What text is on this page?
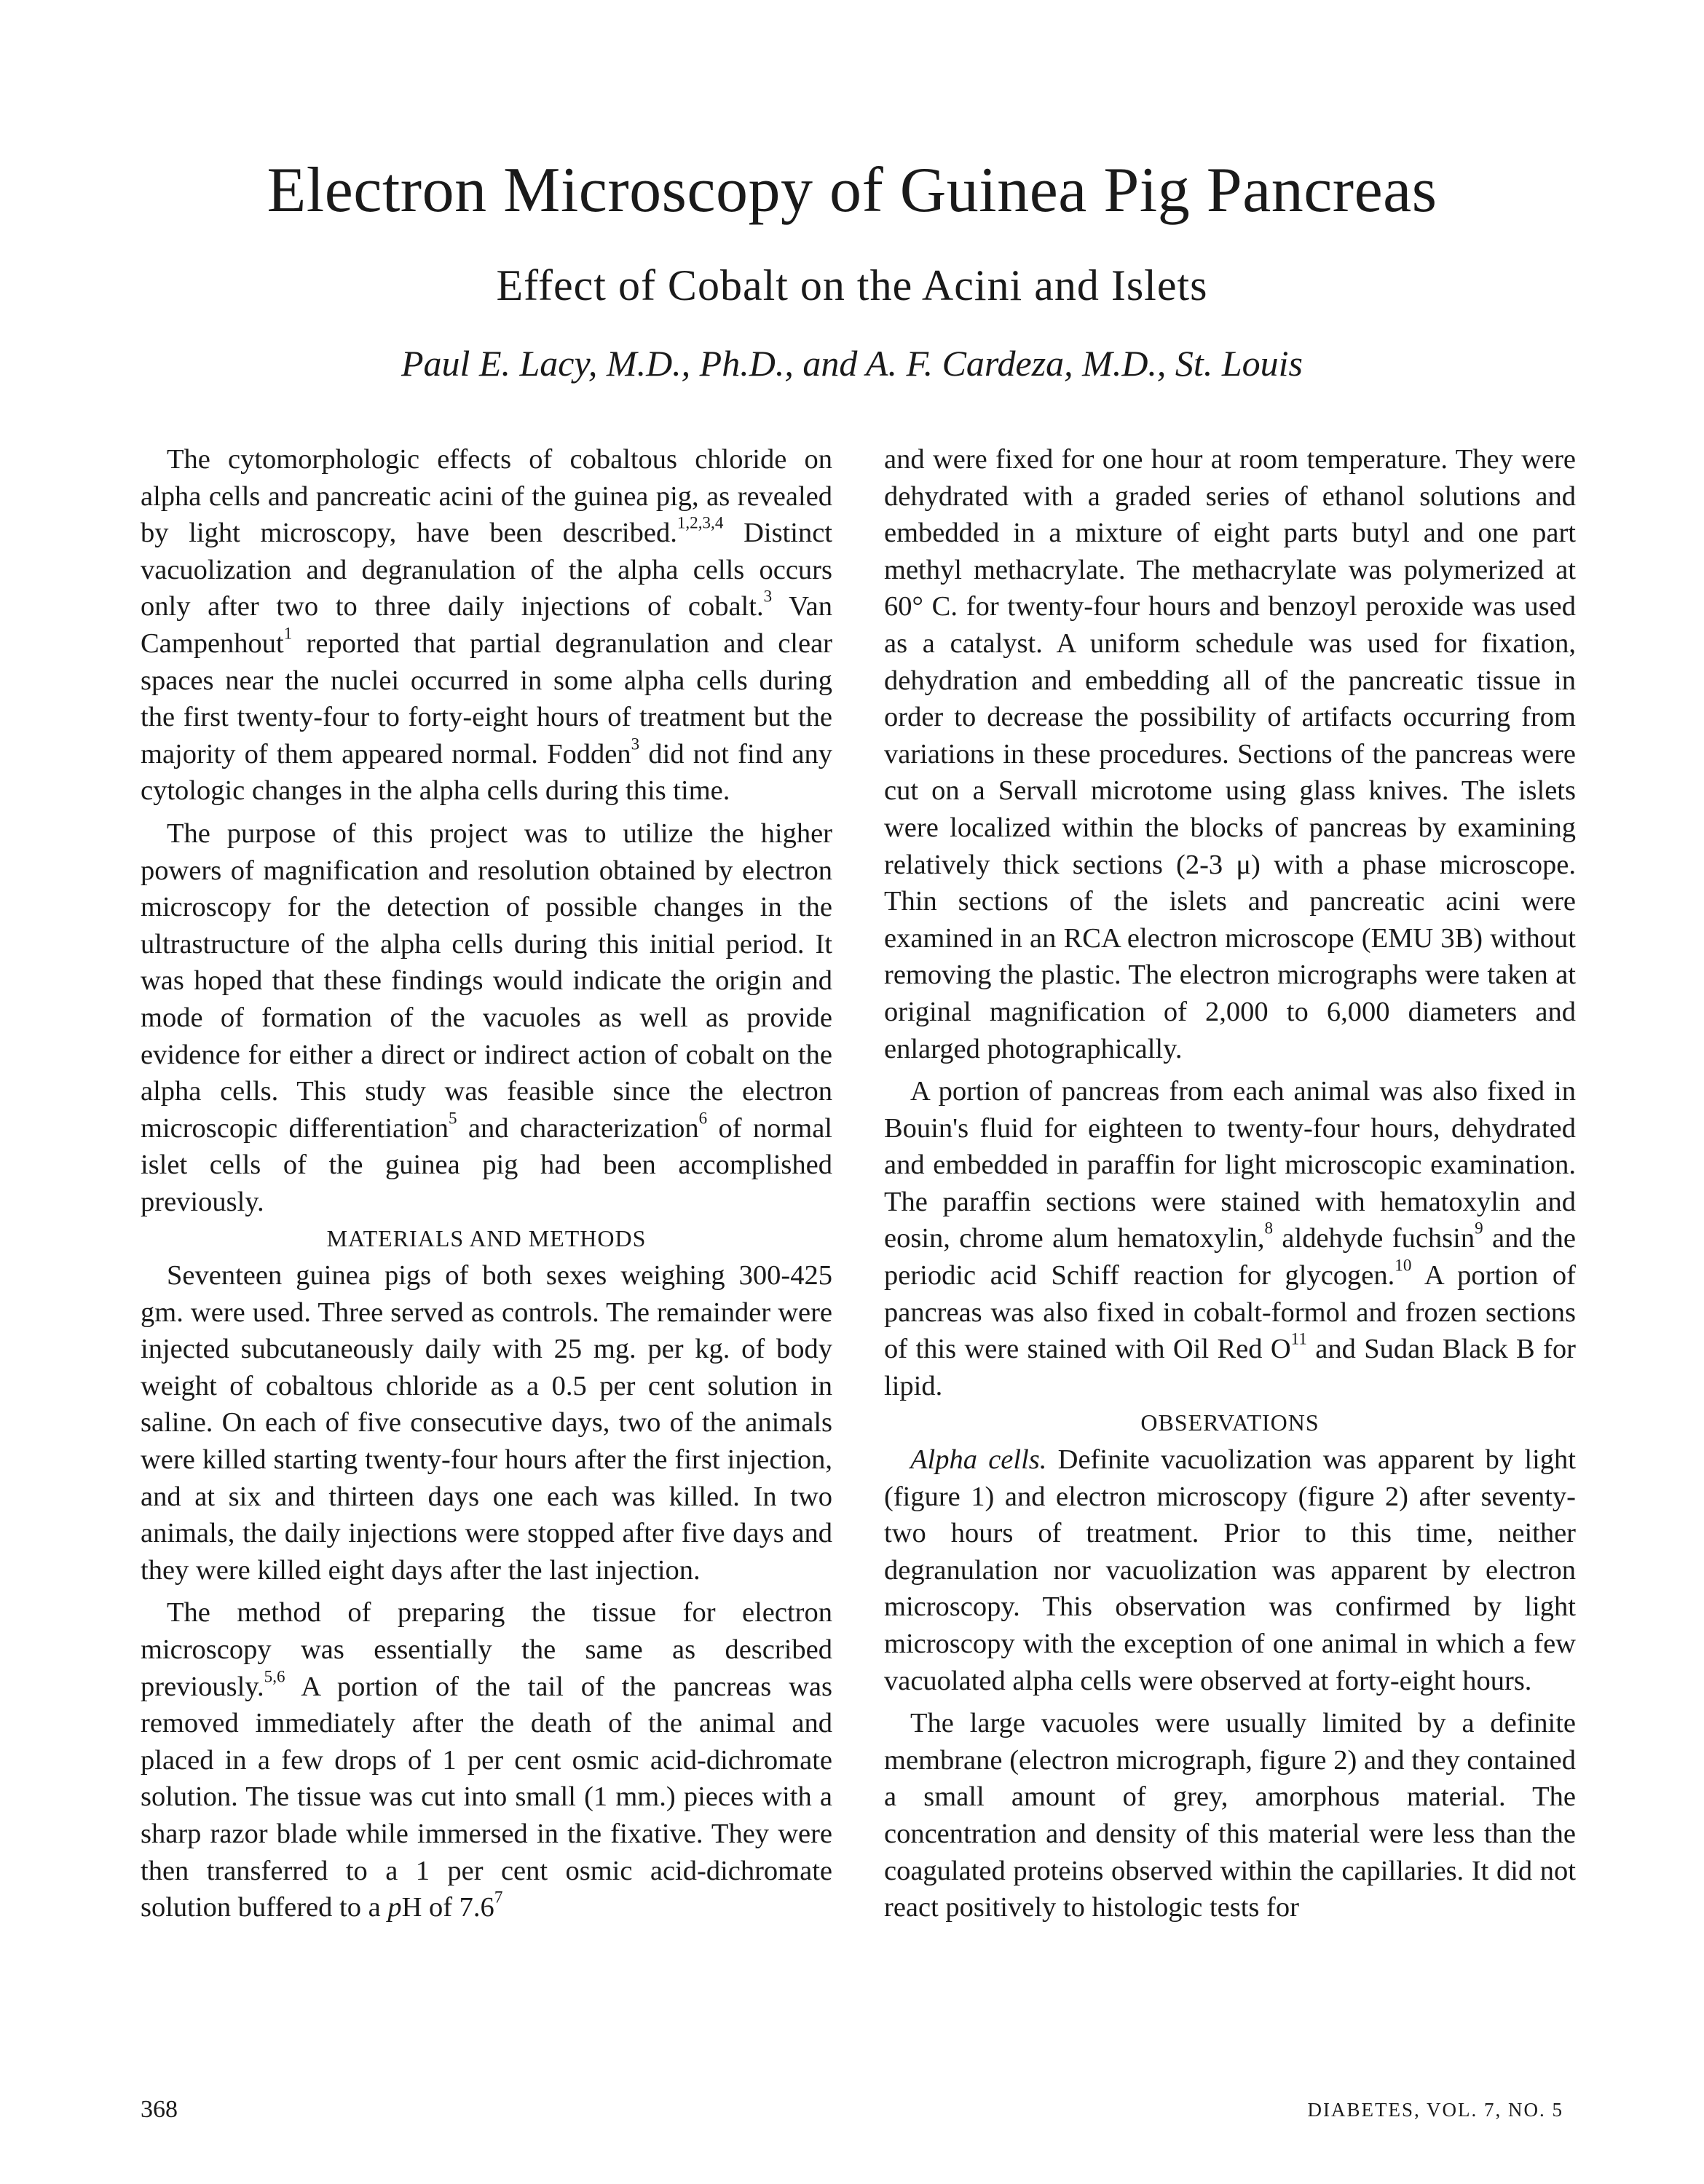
Electron Microscopy of Guinea Pig Pancreas
Effect of Cobalt on the Acini and Islets
Paul E. Lacy, M.D., Ph.D., and A. F. Cardeza, M.D., St. Louis

The cytomorphologic effects of cobaltous chloride on alpha cells and pancreatic acini of the guinea pig, as revealed by light microscopy, have been described.$^{1,2,3,4}$ Distinct vacuolization and degranulation of the alpha cells occurs only after two to three daily injections of cobalt.$^3$ Van Campenhout$^1$ reported that partial degranulation and clear spaces near the nuclei occurred in some alpha cells during the first twenty-four to forty-eight hours of treatment but the majority of them appeared normal. Fodden$^3$ did not find any cytologic changes in the alpha cells during this time.

The purpose of this project was to utilize the higher powers of magnification and resolution obtained by electron microscopy for the detection of possible changes in the ultrastructure of the alpha cells during this initial period. It was hoped that these findings would indicate the origin and mode of formation of the vacuoles as well as provide evidence for either a direct or indirect action of cobalt on the alpha cells. This study was feasible since the electron microscopic differentiation$^5$ and characterization$^6$ of normal islet cells of the guinea pig had been accomplished previously.

MATERIALS AND METHODS

Seventeen guinea pigs of both sexes weighing 300-425 gm. were used. Three served as controls. The remainder were injected subcutaneously daily with 25 mg. per kg. of body weight of cobaltous chloride as a 0.5 per cent solution in saline. On each of five consecutive days, two of the animals were killed starting twenty-four hours after the first injection, and at six and thirteen days one each was killed. In two animals, the daily injections were stopped after five days and they were killed eight days after the last injection.

The method of preparing the tissue for electron microscopy was essentially the same as described previously.$^{5,6}$ A portion of the tail of the pancreas was removed immediately after the death of the animal and placed in a few drops of 1 per cent osmic acid-dichromate solution. The tissue was cut into small (1 mm.) pieces with a sharp razor blade while immersed in the fixative. They were then transferred to a 1 per cent osmic acid-dichromate solution buffered to a pH of $7.6^7$

and were fixed for one hour at room temperature. They were dehydrated with a graded series of ethanol solutions and embedded in a mixture of eight parts butyl and one part methyl methacrylate. The methacrylate was polymerized at 60° C. for twenty-four hours and benzoyl peroxide was used as a catalyst. A uniform schedule was used for fixation, dehydration and embedding all of the pancreatic tissue in order to decrease the possibility of artifacts occurring from variations in these procedures. Sections of the pancreas were cut on a Servall microtome using glass knives. The islets were localized within the blocks of pancreas by examining relatively thick sections (2-3 μ) with a phase microscope. Thin sections of the islets and pancreatic acini were examined in an RCA electron microscope (EMU 3B) without removing the plastic. The electron micrographs were taken at original magnification of 2,000 to 6,000 diameters and enlarged photographically.

A portion of pancreas from each animal was also fixed in Bouin's fluid for eighteen to twenty-four hours, dehydrated and embedded in paraffin for light microscopic examination. The paraffin sections were stained with hematoxylin and eosin, chrome alum hematoxylin,$^8$ aldehyde fuchsin$^9$ and the periodic acid Schiff reaction for glycogen.$^{10}$ A portion of pancreas was also fixed in cobalt-formol and frozen sections of this were stained with Oil Red $O^{11}$ and Sudan Black B for lipid.

OBSERVATIONS

Alpha cells. Definite vacuolization was apparent by light (figure 1) and electron microscopy (figure 2) after seventy-two hours of treatment. Prior to this time, neither degranulation nor vacuolization was apparent by electron microscopy. This observation was confirmed by light microscopy with the exception of one animal in which a few vacuolated alpha cells were observed at forty-eight hours.

The large vacuoles were usually limited by a definite membrane (electron micrograph, figure 2) and they contained a small amount of grey, amorphous material. The concentration and density of this material were less than the coagulated proteins observed within the capillaries. It did not react positively to histologic tests for

368	DIABETES, VOL. 7, NO. 5
